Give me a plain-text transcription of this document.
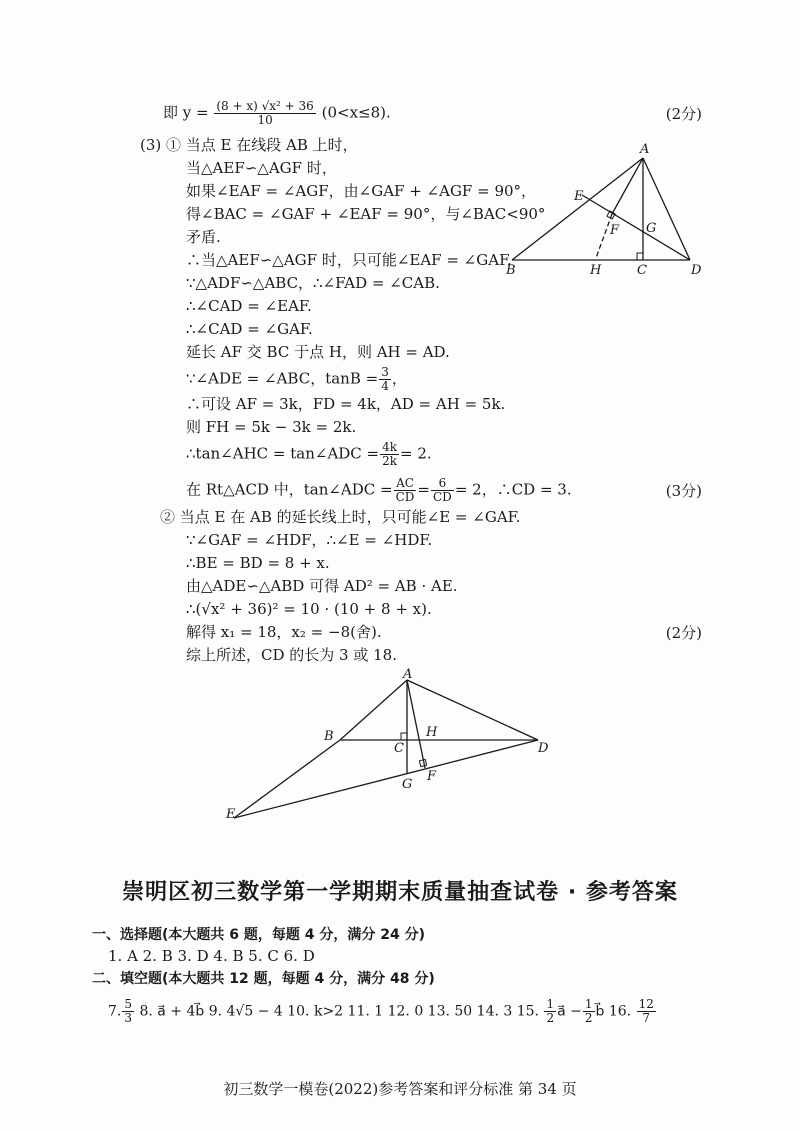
即 $y = \frac{\text{(8 + x) √x² + 36}}{10} (0<x\le 8)$.	(2分)
(3) ① 当点 E 在线段 AB 上时，
当△AEF∽△AGF 时，
如果∠EAF = ∠AGF，由∠GAF + ∠AGF = 90°，
得∠BAC = ∠GAF + ∠EAF = 90°，与∠BAC<90°
矛盾.
∴当△AEF∽△AGF 时，只可能∠EAF = ∠GAF.
∵△ADF∽△ABC，∴∠FAD = ∠CAB.
∴∠CAD = ∠EAF.
∴∠CAD = ∠GAF.
延长 AF 交 BC 于点 H，则 AH = AD.
∵∠ADE = ∠ABC，$\tan B = \frac{3}{4}$ ，
∴可设 AF = 3k，FD = 4k，AD = AH = 5k.
则 FH = 5k − 3k = 2k.
∴tan∠AHC = tan∠ADC = $\frac{4k}{2k} = 2$.
在 Rt△ACD 中，tan∠ADC = $\frac{AC}{CD} = \frac{6}{CD} = 2$，∴CD = 3.	(3分)
② 当点 E 在 AB 的延长线上时，只可能∠E = ∠GAF.
∵∠GAF = ∠HDF，∴∠E = ∠HDF.
∴BE = BD = 8 + x.
由△ADE∽△ABD 可得 AD² = AB · AE.
∴(√x² + 36)² = 10 · (10 + 8 + x).
解得 x₁ = 18，x₂ = −8(舍).	(2分)
综上所述，CD 的长为 3 或 18.
A
E
F G
B	H	C	D
A
B
C
H
D
G
F
E
崇明区初三数学第一学期期末质量抽查试卷 · 参考答案
一、选择题(本大题共 6 题，每题 4 分，满分 24 分)
1. A 2. B 3. D 4. B 5. C 6. D
二、填空题(本大题共 12 题，每题 4 分，满分 48 分)
7. $\frac{5}{3} 8$. a⃗ + 4b⃗ 9. 4√5 − 4 10. k>2 11. 1 12. 0 13. 50 14. 3 15. $\frac{1}{2}$ a⃗ − $\frac{1}{2}$ b⃗ 16. $\frac{12}{7}$
初三数学一模卷(2022)参考答案和评分标准 第 34 页
